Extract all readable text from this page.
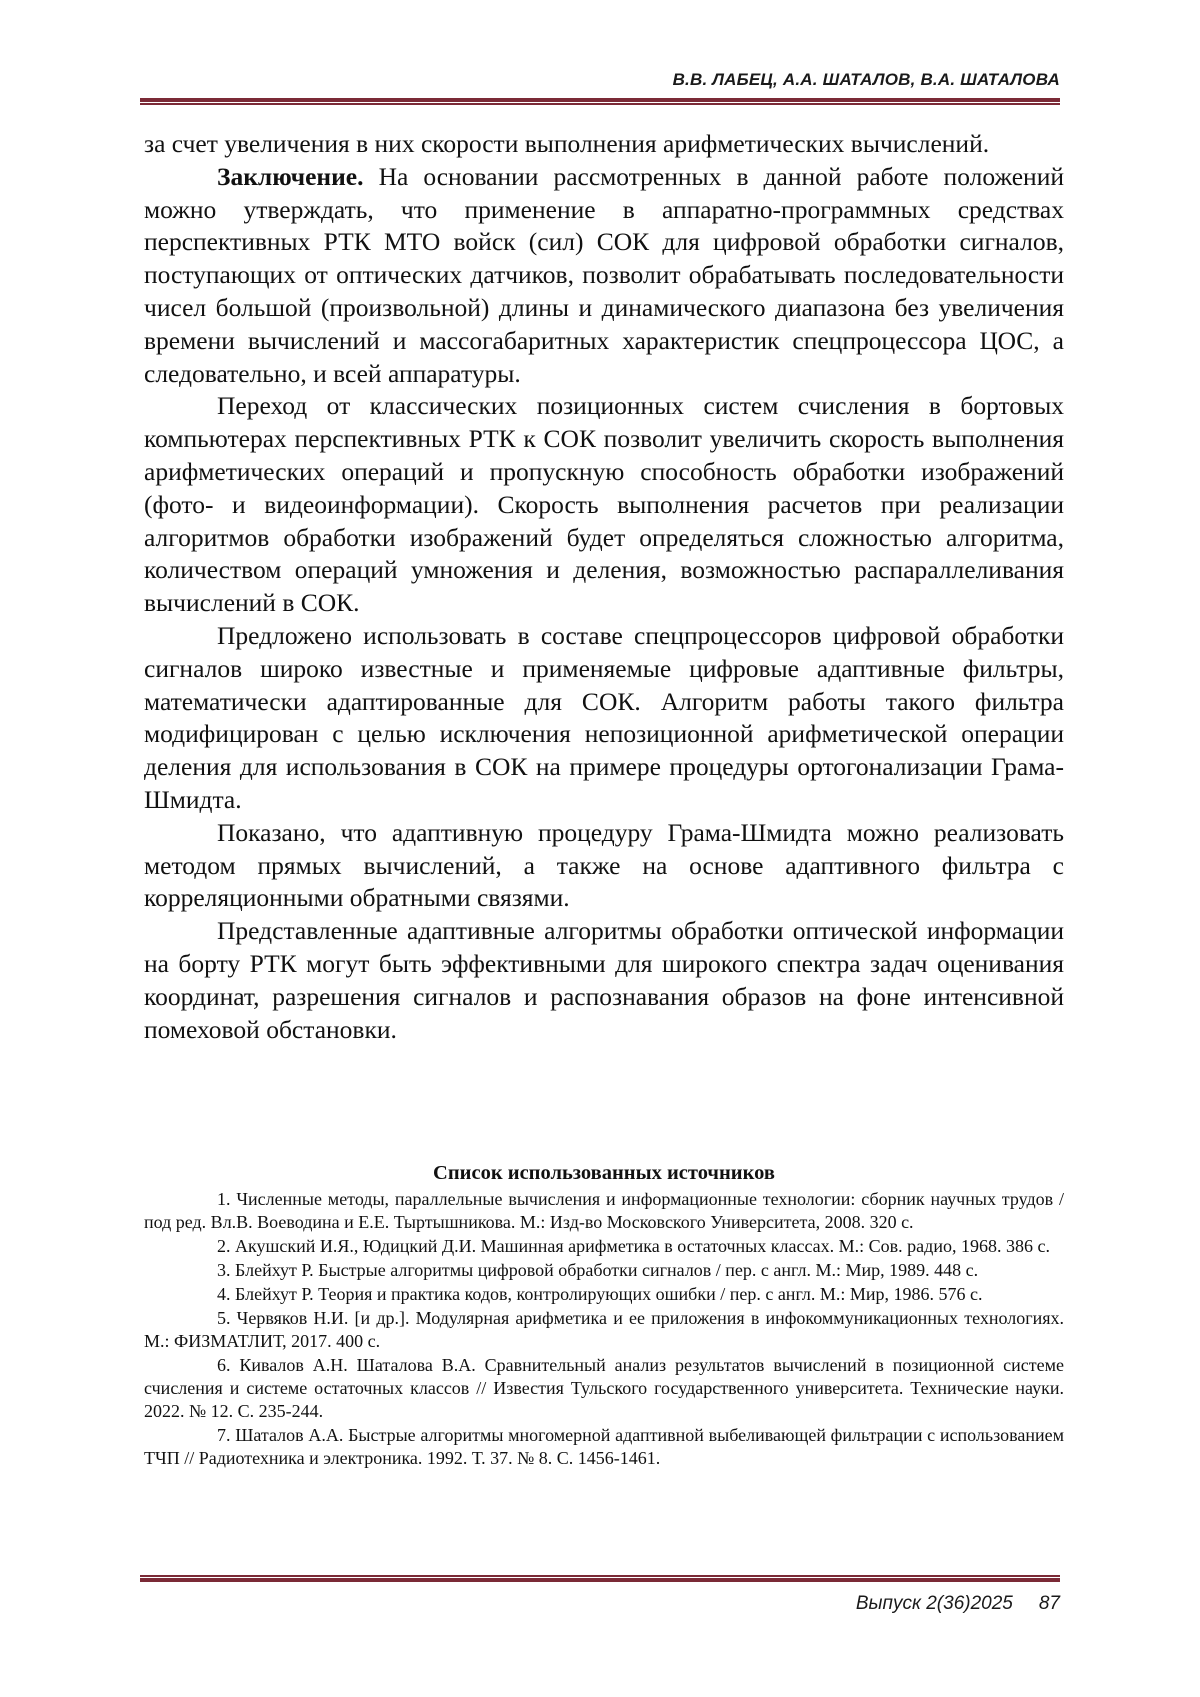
В.В. ЛАБЕЦ, А.А. ШАТАЛОВ, В.А. ШАТАЛОВА

за счет увеличения в них скорости выполнения арифметических вычислений.

Заключение. На основании рассмотренных в данной работе положений можно утверждать, что применение в аппаратно-программных средствах перспективных РТК МТО войск (сил) СОК для цифровой обработки сигналов, поступающих от оптических датчиков, позволит обрабатывать последовательности чисел большой (произвольной) длины и динамического диапазона без увеличения времени вычислений и массогабаритных характеристик спецпроцессора ЦОС, а следовательно, и всей аппаратуры.

Переход от классических позиционных систем счисления в бортовых компьютерах перспективных РТК к СОК позволит увеличить скорость выполнения арифметических операций и пропускную способность обработки изображений (фото- и видеоинформации). Скорость выполнения расчетов при реализации алгоритмов обработки изображений будет определяться сложностью алгоритма, количеством операций умножения и деления, возможностью распараллеливания вычислений в СОК.

Предложено использовать в составе спецпроцессоров цифровой обработки сигналов широко известные и применяемые цифровые адаптивные фильтры, математически адаптированные для СОК. Алгоритм работы такого фильтра модифицирован с целью исключения непозиционной арифметической операции деления для использования в СОК на примере процедуры ортогонализации Грама-Шмидта.

Показано, что адаптивную процедуру Грама-Шмидта можно реализовать методом прямых вычислений, а также на основе адаптивного фильтра с корреляционными обратными связями.

Представленные адаптивные алгоритмы обработки оптической информации на борту РТК могут быть эффективными для широкого спектра задач оценивания координат, разрешения сигналов и распознавания образов на фоне интенсивной помеховой обстановки.

Список использованных источников

1. Численные методы, параллельные вычисления и информационные технологии: сборник научных трудов / под ред. Вл.В. Воеводина и Е.Е. Тыртышникова. М.: Изд-во Московского Университета, 2008. 320 с.

2. Акушский И.Я., Юдицкий Д.И. Машинная арифметика в остаточных классах. М.: Сов. радио, 1968. 386 с.

3. Блейхут Р. Быстрые алгоритмы цифровой обработки сигналов / пер. с англ. М.: Мир, 1989. 448 с.

4. Блейхут Р. Теория и практика кодов, контролирующих ошибки / пер. с англ. М.: Мир, 1986. 576 с.

5. Червяков Н.И. [и др.]. Модулярная арифметика и ее приложения в инфокоммуникационных технологиях. М.: ФИЗМАТЛИТ, 2017. 400 с.

6. Кивалов А.Н. Шаталова В.А. Сравнительный анализ результатов вычислений в позиционной системе счисления и системе остаточных классов // Известия Тульского государственного университета. Технические науки. 2022. № 12. С. 235-244.

7. Шаталов А.А. Быстрые алгоритмы многомерной адаптивной выбеливающей фильтрации с использованием ТЧП // Радиотехника и электроника. 1992. Т. 37. № 8. С. 1456-1461.

Выпуск 2(36)2025 87
